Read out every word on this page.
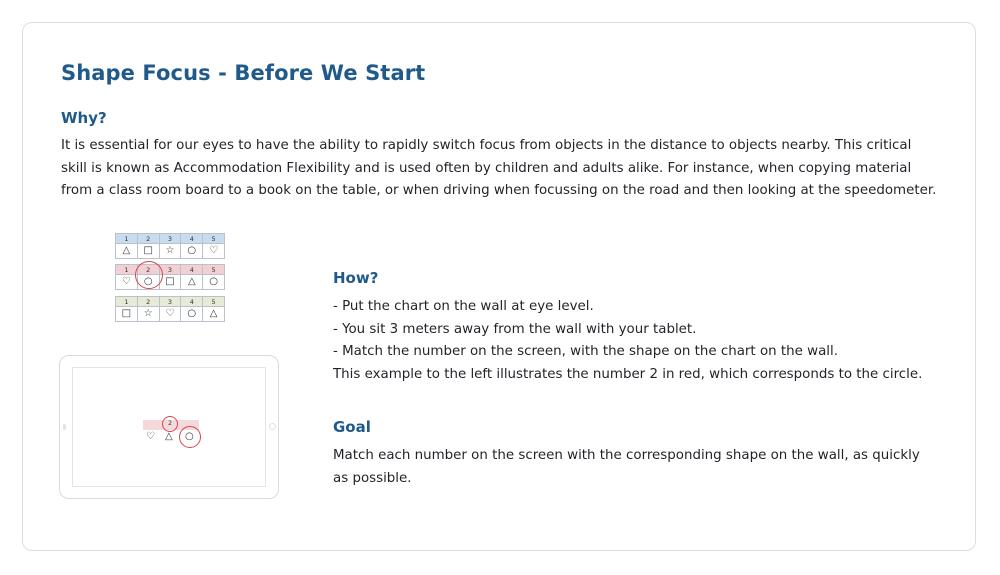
Shape Focus - Before We Start
Why?

It is essential for our eyes to have the ability to rapidly switch focus from objects in the distance to objects nearby. This critical skill is known as Accommodation Flexibility and is used often by children and adults alike. For instance, when copying material from a class room board to a book on the table, or when driving when focussing on the road and then looking at the speedometer.

1	2	3	4	5
△	□	☆	○	♡
1	2	3	4	5
♡	○	□	△	○
1	2	3	4	5
□	☆	♡	○	△
2
♡ △ ○
How?
- Put the chart on the wall at eye level.
- You sit 3 meters away from the wall with your tablet.
- Match the number on the screen, with the shape on the chart on the wall.
This example to the left illustrates the number 2 in red, which corresponds to the circle.
Goal

Match each number on the screen with the corresponding shape on the wall, as quickly as possible.
